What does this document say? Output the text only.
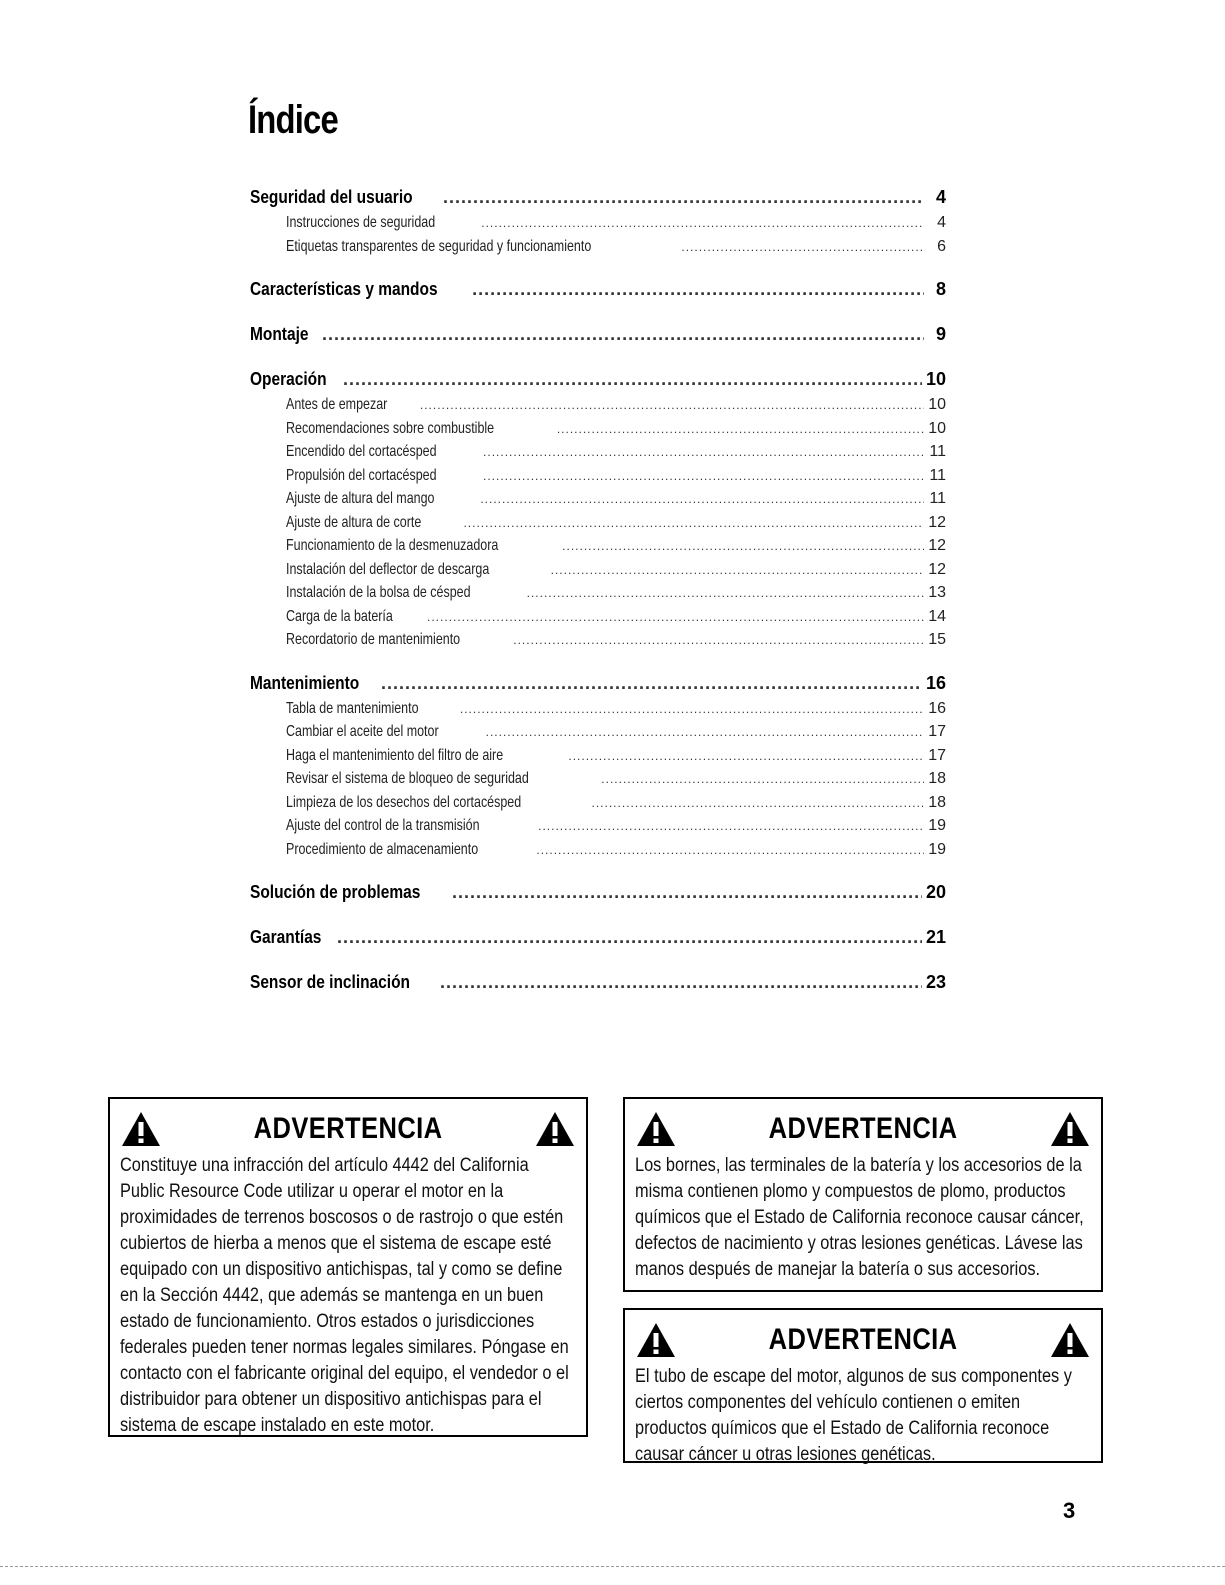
Índice
Seguridad del usuario .....	4
Instrucciones de seguridad .....	4
Etiquetas transparentes de seguridad y funcionamiento .....	6
Características y mandos .....	8
Montaje .....	9
Operación .....	10
Antes de empezar .....	10
Recomendaciones sobre combustible .....	10
Encendido del cortacésped .....	11
Propulsión del cortacésped .....	11
Ajuste de altura del mango .....	11
Ajuste de altura de corte .....	12
Funcionamiento de la desmenuzadora .....	12
Instalación del deflector de descarga .....	12
Instalación de la bolsa de césped .....	13
Carga de la batería .....	14
Recordatorio de mantenimiento .....	15
Mantenimiento .....	16
Tabla de mantenimiento .....	16
Cambiar el aceite del motor .....	17
Haga el mantenimiento del filtro de aire .....	17
Revisar el sistema de bloqueo de seguridad .....	18
Limpieza de los desechos del cortacésped .....	18
Ajuste del control de la transmisión .....	19
Procedimiento de almacenamiento .....	19
Solución de problemas .....	20
Garantías .....	21
Sensor de inclinación .....	23
ADVERTENCIA
Constituye una infracción del artículo 4442 del California Public Resource Code utilizar u operar el motor en la proximidades de terrenos boscosos o de rastrojo o que estén cubiertos de hierba a menos que el sistema de escape esté equipado con un dispositivo antichispas, tal y como se define en la Sección 4442, que además se mantenga en un buen estado de funcionamiento. Otros estados o jurisdicciones federales pueden tener normas legales similares. Póngase en contacto con el fabricante original del equipo, el vendedor o el distribuidor para obtener un dispositivo antichispas para el sistema de escape instalado en este motor.
ADVERTENCIA
Los bornes, las terminales de la batería y los accesorios de la misma contienen plomo y compuestos de plomo, productos químicos que el Estado de California reconoce causar cáncer, defectos de nacimiento y otras lesiones genéticas. Lávese las manos después de manejar la batería o sus accesorios.
ADVERTENCIA
El tubo de escape del motor, algunos de sus componentes y ciertos componentes del vehículo contienen o emiten productos químicos que el Estado de California reconoce causar cáncer u otras lesiones genéticas.
3
